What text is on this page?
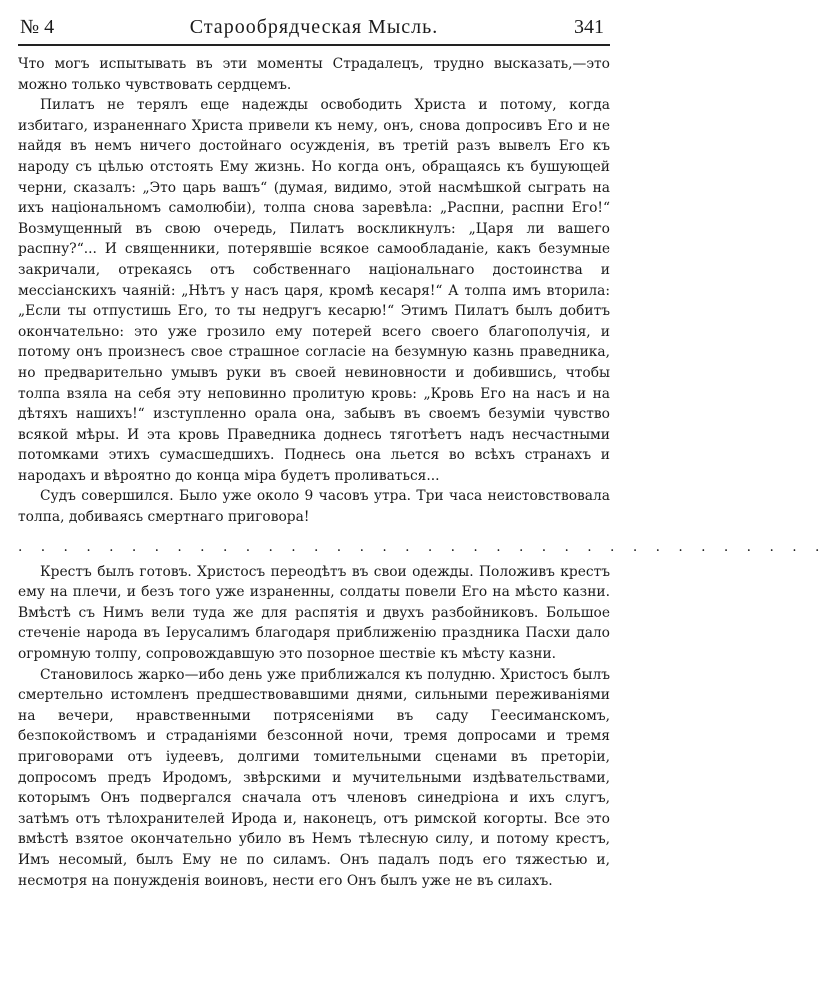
№ 4	Старообрядческая Мысль.	341

Что могъ испытывать въ эти моменты Страдалецъ, трудно высказать,—это можно только чувствовать сердцемъ.

Пилатъ не терялъ еще надежды освободить Христа и потому, когда избитаго, израненнаго Христа привели къ нему, онъ, снова допросивъ Его и не найдя въ немъ ничего достойнаго осужденія, въ третій разъ вывелъ Его къ народу съ цѣлью отстоять Ему жизнь. Но когда онъ, обращаясь къ бушующей черни, сказалъ: „Это царь вашъ“ (думая, видимо, этой насмѣшкой сыграть на ихъ національномъ самолюбіи), толпа снова заревѣла: „Распни, распни Его!“ Возмущенный въ свою очередь, Пилатъ воскликнулъ: „Царя ли вашего распну?“... И священники, потерявшіе всякое самообладаніе, какъ безумные закричали, отрекаясь отъ собственнаго національнаго достоинства и мессіанскихъ чаяній: „Нѣтъ у насъ царя, кромѣ кесаря!“ А толпа имъ вторила: „Если ты отпустишь Его, то ты недругъ кесарю!“ Этимъ Пилатъ былъ добитъ окончательно: это уже грозило ему потерей всего своего благополучія, и потому онъ произнесъ свое страшное согласіе на безумную казнь праведника, но предварительно умывъ руки въ своей невиновности и добившись, чтобы толпа взяла на себя эту неповинно пролитую кровь: „Кровь Его на насъ и на дѣтяхъ нашихъ!“ изступленно орала она, забывъ въ своемъ безуміи чувство всякой мѣры. И эта кровь Праведника доднесь тяготѣетъ надъ несчастными потомками этихъ сумасшедшихъ. Поднесь она льется во всѣхъ странахъ и народахъ и вѣроятно до конца міра будетъ проливаться...

Судъ совершился. Было уже около 9 часовъ утра. Три часа неистовствовала толпа, добиваясь смертнаго приговора!

. . . . . . . . . . . . . . . . . . . . . . . . . . . . . . . . . . . .

Крестъ былъ готовъ. Христосъ переодѣтъ въ свои одежды. Положивъ крестъ ему на плечи, и безъ того уже израненны, солдаты повели Его на мѣсто казни. Вмѣстѣ съ Нимъ вели туда же для распятія и двухъ разбойниковъ. Большое стеченіе народа въ Іерусалимъ благодаря приближенію праздника Пасхи дало огромную толпу, сопровождавшую это позорное шествіе къ мѣсту казни.

Становилось жарко—ибо день уже приближался къ полудню. Христосъ былъ смертельно истомленъ предшествовавшими днями, сильными переживаніями на вечери, нравственными потрясеніями въ саду Геесиманскомъ, безпокойствомъ и страданіями безсонной ночи, тремя допросами и тремя приговорами отъ іудеевъ, долгими томительными сценами въ преторіи, допросомъ предъ Иродомъ, звѣрскими и мучительными издѣвательствами, которымъ Онъ подвергался сначала отъ членовъ синедріона и ихъ слугъ, затѣмъ отъ тѣлохранителей Ирода и, наконецъ, отъ римской когорты. Все это вмѣстѣ взятое окончательно убило въ Немъ тѣлесную силу, и потому крестъ, Имъ несомый, былъ Ему не по силамъ. Онъ падалъ подъ его тяжестью и, несмотря на понужденія воиновъ, нести его Онъ былъ уже не въ силахъ.
